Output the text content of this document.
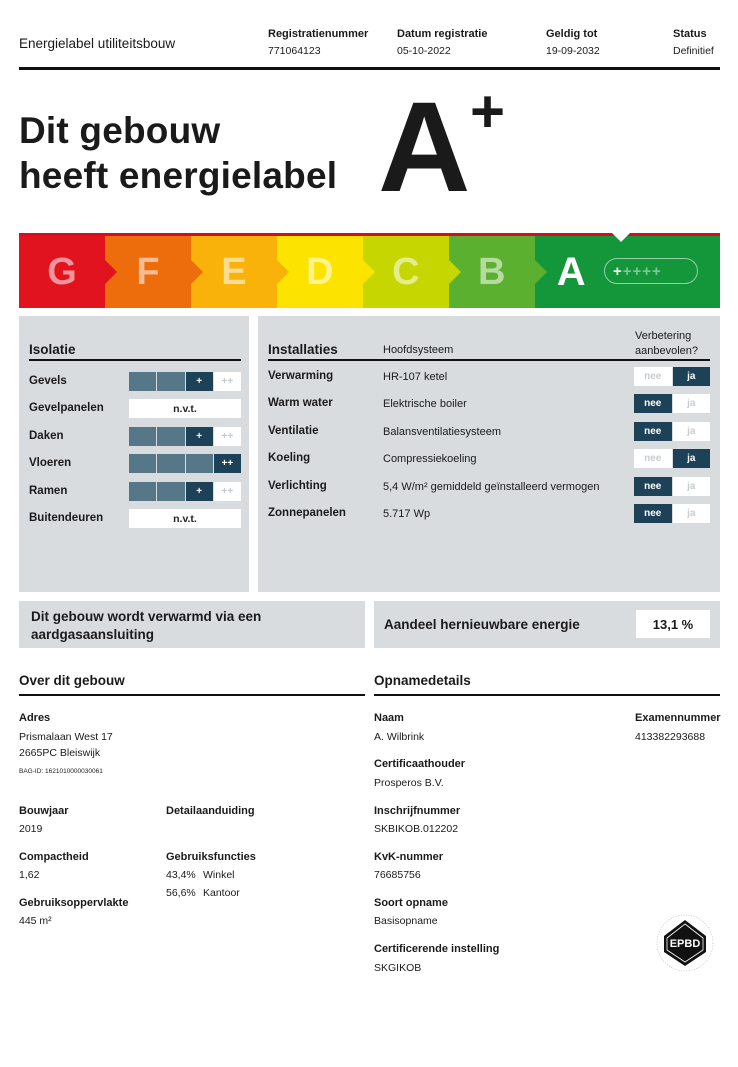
Energielabel utiliteitsbouw
Registratienummer
771064123
Datum registratie
05-10-2022
Geldig tot
19-09-2032
Status
Definitief
Dit gebouw
heeft energielabel A +
G F E D C B A + ++++
Isolatie
Gevels	+	++
Gevelpanelen	n.v.t.
Daken	+	++
Vloeren	++
Ramen	+	++
Buitendeuren	n.v.t.
Installaties	Hoofdsysteem
Verbetering
aanbevolen?
Verwarming	HR-107 ketel	nee	ja
Warm water	Elektrische boiler	nee	ja
Ventilatie	Balansventilatiesysteem	nee	ja
Koeling	Compressiekoeling	nee	ja
Verlichting	5,4 W/m² gemiddeld geïnstalleerd vermogen	nee	ja
Zonnepanelen	5.717 Wp	nee	ja
Dit gebouw wordt verwarmd via een
aardgasaansluiting
Aandeel hernieuwbare energie	13,1 %
Over dit gebouw
Adres
Prismalaan West 17
2665PC Bleiswijk
BAG-ID: 1621010000030061
Bouwjaar
2019
Detailaanduiding
Compactheid
1,62
Gebruiksfuncties
43,4% Winkel
56,6% Kantoor
Gebruiksoppervlakte
445 m²
Opnamedetails
Naam
A. Wilbrink
Examennummer
413382293688
Certificaathouder
Prosperos B.V.
Inschrijfnummer
SKBIKOB.012202
KvK-nummer
76685756
Soort opname
Basisopname
Certificerende instelling
SKGIKOB
EPBD
